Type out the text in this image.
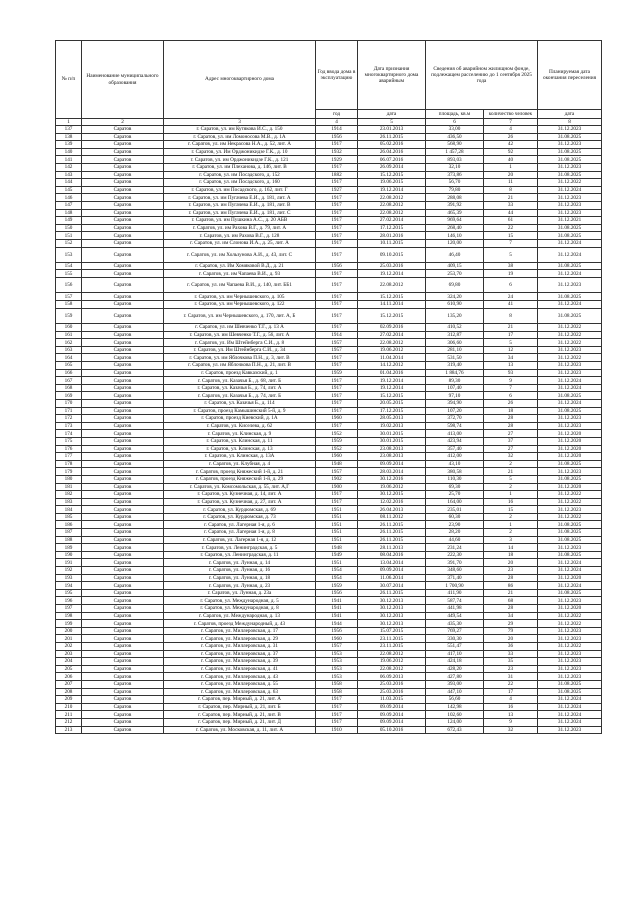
№ п/п	Наименование муниципального образования	Адрес многоквартирного дома	Год ввода дома в эксплуатацию	Дата признания многоквартирного дома аварийным	Сведения об аварийном жилищном фонде, подлежащем расселению до 1 сентября 2025 года		Планируемая дата окончания переселения
			год	дата	площадь, кв.м	количество человек	дата
1	2	3	4	5	6	7	8
137	Саратов	г. Саратов, ул. им Кутякова И.С., д. 150	1914	23.01.2013	33,00	4	31.12.2023
138	Саратов	г. Саратов, ул. им Ломоносова М.В., д. 1А	1956	26.11.2015	436,50	26	31.08.2025
139	Саратов	г. Саратов, ул. им Некрасова Н.А., д. 52, лит. А	1917	05.02.2016	568,90	42	31.12.2023
140	Саратов	г. Саратов, ул. Им Орджоникидзе Г.К., д. 10	1932	26.04.2016	1 457,28	92	31.08.2025
141	Саратов	г. Саратов, ул. им Орджоникидзе Г.К., д. 121	1929	06.07.2016	893,03	40	31.08.2025
142	Саратов	г. Саратов, ул. им Плеханова, д. 146, лит. В	1917	26.09.2014	32,10	1	31.12.2023
143	Саратов	г. Саратов, ул. им Посадского, д. 152	1882	15.12.2015	373,86	20	31.08.2025
144	Саратов	г. Саратов, ул. им Посадского, д. 160	1917	19.06.2015	56,70	11	31.12.2022
145	Саратов	г. Саратов, ул. им Посадского, д. 162, лит. Г	1927	19.12.2014	79,80	8	31.12.2024
146	Саратов	г. Саратов, ул. им Пугачева Е.И., д. 181, лит. А	1917	22.08.2012	288,08	21	31.12.2023
147	Саратов	г. Саратов, ул. им Пугачева Е.И., д. 181, лит. В	1917	22.08.2012	391,92	33	31.12.2023
148	Саратов	г. Саратов, ул. им Пугачева Е.И., д. 181, лит. С	1917	22.08.2012	465,39	44	31.12.2023
149	Саратов	г. Саратов, ул. им Пушкина А.С., д. 20 АБВ	1917	27.02.2014	969,64	61	31.12.2021
150	Саратов	г. Саратов, ул. им Рахова В.Г., д. 79, лит. А	1917	17.12.2015	268,40	22	31.08.2025
151	Саратов	г. Саратов, ул. им Рахова В.Г., д. 128	1917	28.01.2016	146,10	15	31.08.2025
152	Саратов	г. Саратов, ул. им Слонова И.А., д. 25, лит. А	1917	10.11.2015	120,00	7	31.12.2024
153	Саратов	г. Саратов, ул. им Хользунова А.И., д. 43, лит. С	1917	09.10.2015	46,40	5	31.12.2024
154	Саратов	г. Саратов, ул. Им Хомяковой В.Д., д. 21	1956	25.03.2016	409,15	38	31.08.2025
155	Саратов	г. Саратов, ул. им Чапаева В.И., д. 93	1917	19.12.2014	253,70	19	31.12.2024
156	Саратов	г. Саратов, ул. им Чапаева В.И., д. 140, лит. ББ1	1917	22.08.2012	69,80	6	31.12.2023
157	Саратов	г. Саратов, ул. им Чернышевского, д. 105	1917	15.12.2015	324,20	24	31.08.2025
158	Саратов	г. Саратов, ул. им Чернышевского, д. 122	1917	14.11.2014	610,90	41	31.12.2024
159	Саратов	г. Саратов, ул. им Чернышевского, д. 170, лит. А, Б	1917	15.12.2015	135,20	8	31.08.2025
160	Саратов	г. Саратов, ул. им Шевченко Т.Г., д. 13 А	1917	02.09.2016	410,52	21	31.12.2022
161	Саратов	г. Саратов, ул. им Шевченко Т.Г., д. 56, лит. А	1914	27.02.2014	312,87	17	31.12.2022
162	Саратов	г. Саратов, ул. Им Штейнберга С.И., д. 8	1957	22.08.2012	306,60	5	31.12.2022
163	Саратов	г. Саратов, ул. Им Штейнберга С.И., д. 34	1957	19.06.2012	281,10	12	31.12.2023
164	Саратов	г. Саратов, ул. им Яблочкова П.Н., д. 3, лит. В	1917	11.04.2014	531,50	34	31.12.2022
165	Саратов	г. Саратов, ул. им Яблочкова П.Н., д. 21, лит. В	1917	14.12.2012	319,40	13	31.12.2023
166	Саратов	г. Саратов, проезд Кавказский, д. 1	1959	01.04.2016	1 884,76	93	31.12.2023
167	Саратов	г. Саратов, ул. Казачья Б., д. 68, лит. Б	1917	19.12.2014	89,30	9	31.12.2024
168	Саратов	г. Саратов, ул. Казачья Б., д. 74, лит. А	1917	19.12.2014	107,40	7	31.12.2024
169	Саратов	г. Саратов, ул. Казачья Б., д. 74, лит. Б	1917	15.12.2015	97,10	6	31.08.2025
170	Саратов	г. Саратов, ул. Казачья Б., д. 114	1917	20.05.2015	394,90	26	31.12.2024
171	Саратов	г. Саратов, проезд Камышинский 5-й, д. 9	1917	17.12.2015	107,20	18	31.08.2025
172	Саратов	г. Саратов, проезд Киевский, д. 1А	1960	28.05.2013	372,70	28	31.12.2023
173	Саратов	г. Саратов, ул. Киселева, д. 62	1917	19.02.2013	598,74	28	31.12.2023
174	Саратов	г. Саратов, ул. Клинская, д. 9	1952	30.01.2015	413,00	27	31.12.2020
175	Саратов	г. Саратов, ул. Клинская, д. 11	1959	30.01.2015	423,94	37	31.12.2020
176	Саратов	г. Саратов, ул. Клинская, д. 13	1952	23.08.2013	357,40	27	31.12.2020
177	Саратов	г. Саратов, ул. Клинская, д. 13А	1960	23.08.2013	412,00	32	31.12.2020
178	Саратов	г. Саратов, ул. Клубная, д. 4	1948	09.09.2014	43,10	2	31.08.2025
179	Саратов	г. Саратов, проезд Княжеский 1-й, д. 21	1957	28.03.2014	380,58	21	31.12.2023
180	Саратов	г. Саратов, проезд Княжеский 1-й, д. 29	1902	30.12.2016	110,30	5	31.08.2025
181	Саратов	г. Саратов, ул. Комсомольская, д. 55, лит. А,Г	1900	19.06.2012	69,30	2	31.12.2020
182	Саратов	г. Саратов, ул. Кузнечная, д. 14, лит. А	1917	30.12.2015	25,70	1	31.12.2022
183	Саратов	г. Саратов, ул. Кузнечная, д. 27, лит. А	1917	12.02.2016	164,00	16	31.12.2022
184	Саратов	г. Саратов, ул. Курдюмская, д. 69	1951	26.04.2013	235,01	15	31.12.2023
185	Саратов	г. Саратов, ул. Курдюмская, д. 73	1951	08.11.2012	60,30	2	31.12.2022
186	Саратов	г. Саратов, ул. Лагерная 1-я, д. 6	1951	26.11.2015	23,90	1	31.08.2025
187	Саратов	г. Саратов, ул. Лагерная 1-я, д. 8	1951	26.11.2015	28,20	2	31.08.2025
188	Саратов	г. Саратов, ул. Лагерная 1-я, д. 12	1951	26.11.2015	44,60	3	31.08.2025
189	Саратов	г. Саратов, ул. Ленинградская, д. 5	1948	28.11.2013	231,24	14	31.12.2023
190	Саратов	г. Саратов, ул. Ленинградская, д. 11	1949	08.04.2016	222,30	18	31.08.2025
191	Саратов	г. Саратов, ул. Лунная, д. 14	1951	13.04.2014	391,70	20	31.12.2024
192	Саратов	г. Саратов, ул. Лунная, д. 16	1954	09.09.2014	348,60	23	31.12.2024
193	Саратов	г. Саратов, ул. Лунная, д. 18	1954	11.06.2014	371,40	28	31.12.2020
194	Саратов	г. Саратов, ул. Лунная, д. 23	1959	30.07.2014	1 700,90	86	31.12.2024
195	Саратов	г. Саратов, ул. Лунная, д. 23а	1956	26.11.2015	411,90	21	31.08.2025
196	Саратов	г. Саратов, ул. Международная, д. 5	1941	30.12.2013	587,74	68	31.12.2023
197	Саратов	г. Саратов, ул. Международная, д. 8	1941	30.12.2013	441,98	28	31.12.2020
198	Саратов	г. Саратов, ул. Международная, д. 13	1941	30.12.2013	449,54	34	31.12.2022
199	Саратов	г. Саратов, проезд Международный, д. 43	1944	30.12.2013	435,30	29	31.12.2022
200	Саратов	г. Саратов, ул. Миллеровская, д. 17	1956	15.07.2015	769,27	79	31.12.2023
201	Саратов	г. Саратов, ул. Миллеровская, д. 29	1960	23.11.2015	330,30	20	31.12.2023
202	Саратов	г. Саратов, ул. Миллеровская, д. 31	1957	23.11.2015	551,47	36	31.12.2022
203	Саратов	г. Саратов, ул. Миллеровская, д. 37	1953	22.08.2012	417,10	33	31.12.2023
204	Саратов	г. Саратов, ул. Миллеровская, д. 39	1953	19.06.2012	424,18	35	31.12.2023
205	Саратов	г. Саратов, ул. Миллеровская, д. 41	1953	22.08.2012	428,20	23	31.12.2023
206	Саратов	г. Саратов, ул. Миллеровская, д. 43	1953	06.09.2013	427,80	31	31.12.2023
207	Саратов	г. Саратов, ул. Миллеровская, д. 55	1958	25.03.2016	393,00	22	31.08.2025
208	Саратов	г. Саратов, ул. Миллеровская, д. 63	1958	25.03.2016	447,10	17	31.08.2025
209	Саратов	г. Саратов, пер. Мирный, д. 21, лит. А	1917	11.03.2015	56,60	4	31.12.2024
210	Саратов	г. Саратов, пер. Мирный, д. 21, лит. Б	1917	09.09.2014	142,98	16	31.12.2024
211	Саратов	г. Саратов, пер. Мирный, д. 21, лит. В	1917	09.09.2014	102,60	13	31.12.2024
212	Саратов	г. Саратов, пер. Мирный, д. 21, лит. Д	1917	09.09.2014	124,00	9	31.12.2024
213	Саратов	г. Саратов, ул. Московская, д. 11, лит. А	1910	05.10.2016	672,43	32	31.12.2023
